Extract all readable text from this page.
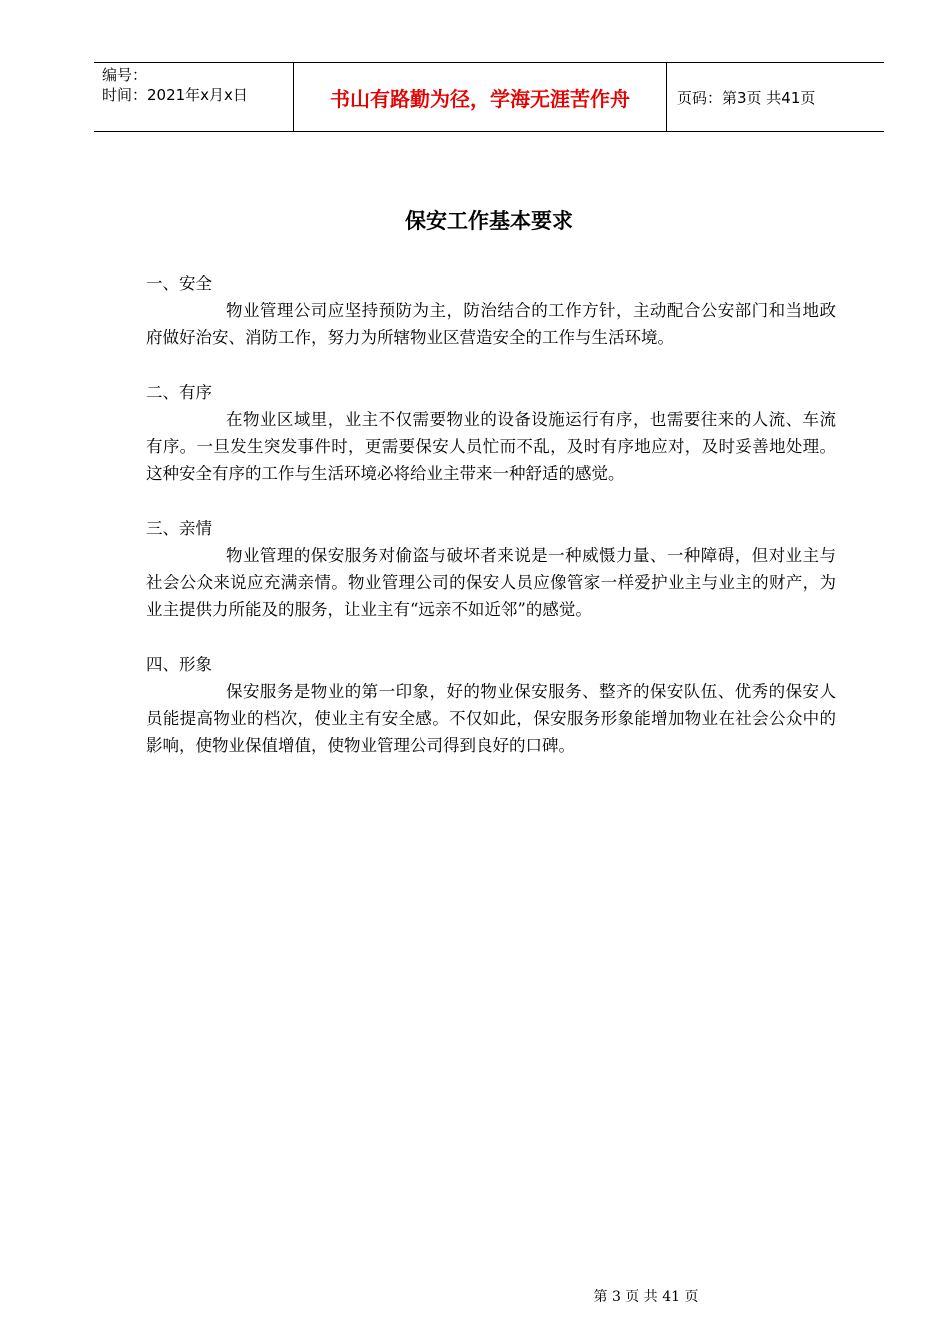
编号：
时间：2021年x月x日	书山有路勤为径，学海无涯苦作舟	页码：第3页 共41页
保安工作基本要求

一、安全

物业管理公司应坚持预防为主，防治结合的工作方针，主动配合公安部门和当地政府做好治安、消防工作，努力为所辖物业区营造安全的工作与生活环境。

二、有序

在物业区域里，业主不仅需要物业的设备设施运行有序，也需要往来的人流、车流有序。一旦发生突发事件时，更需要保安人员忙而不乱，及时有序地应对，及时妥善地处理。这种安全有序的工作与生活环境必将给业主带来一种舒适的感觉。

三、亲情

物业管理的保安服务对偷盗与破坏者来说是一种威慑力量、一种障碍，但对业主与社会公众来说应充满亲情。物业管理公司的保安人员应像管家一样爱护业主与业主的财产，为业主提供力所能及的服务，让业主有“远亲不如近邻”的感觉。

四、形象

保安服务是物业的第一印象，好的物业保安服务、整齐的保安队伍、优秀的保安人员能提高物业的档次，使业主有安全感。不仅如此，保安服务形象能增加物业在社会公众中的影响，使物业保值增值，使物业管理公司得到良好的口碑。

第 3 页 共 41 页
